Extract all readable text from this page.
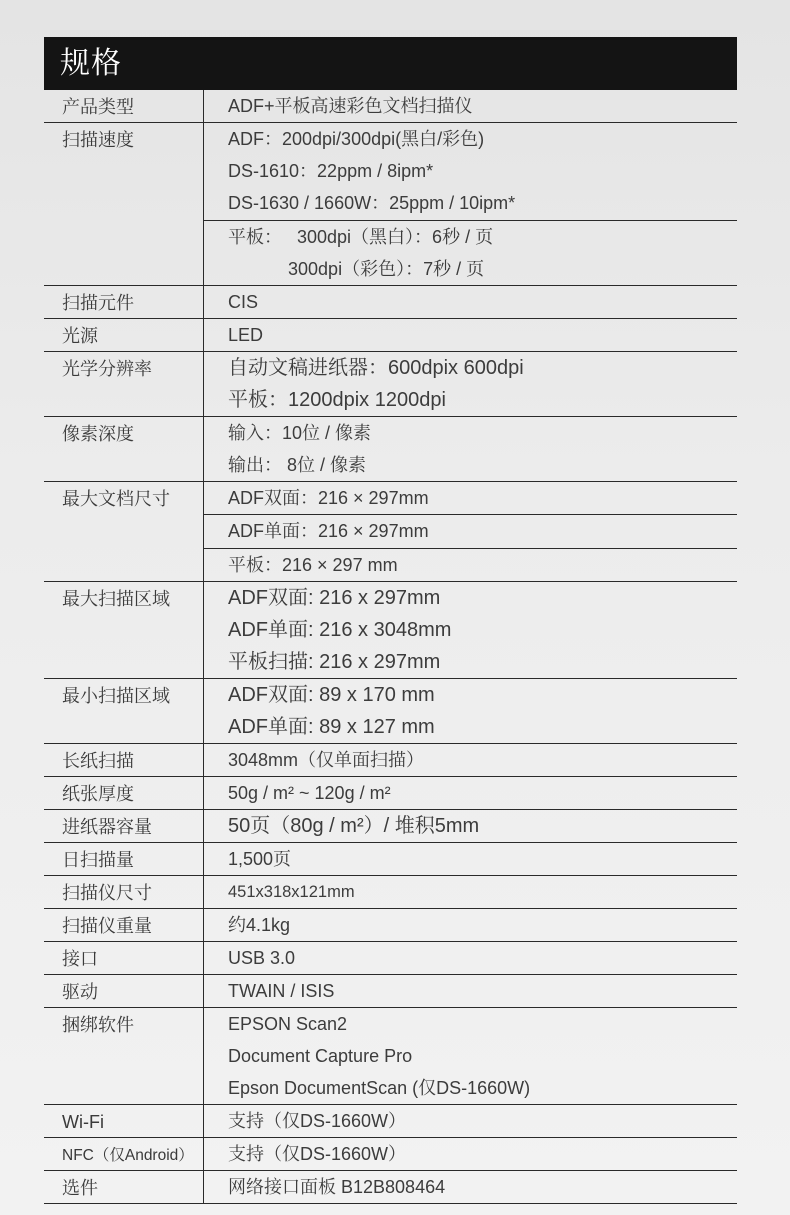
规格
产品类型	ADF+平板高速彩色文档扫描仪
扫描速度	ADF：200dpi/300dpi(黑白/彩色)
DS-1610：22ppm / 8ipm*
DS-1630 / 1660W：25ppm / 10ipm*
平板：   300dpi（黑白）：6秒 / 页
300dpi（彩色）：7秒 / 页
扫描元件	CIS
光源	LED
光学分辨率	自动文稿进纸器：600dpix 600dpi
平板：1200dpix 1200dpi
像素深度	输入：10位 / 像素
输出： 8位 / 像素
最大文档尺寸	ADF双面：216 × 297mm
ADF单面：216 × 297mm
平板：216 × 297 mm
最大扫描区域	ADF双面: 216 x 297mm
ADF单面: 216 x 3048mm
平板扫描: 216 x 297mm
最小扫描区域	ADF双面: 89 x 170 mm
ADF单面: 89 x 127 mm
长纸扫描	3048mm（仅单面扫描）
纸张厚度	50g / m² ~ 120g / m²
进纸器容量	50页（80g / m²）/ 堆积5mm
日扫描量	1,500页
扫描仪尺寸	451x318x121mm
扫描仪重量	约4.1kg
接口	USB 3.0
驱动	TWAIN / ISIS
捆绑软件	EPSON Scan2
Document Capture Pro
Epson DocumentScan (仅DS-1660W)
Wi-Fi	支持（仅DS-1660W）
NFC（仅Android）	支持（仅DS-1660W）
选件	网络接口面板 B12B808464
